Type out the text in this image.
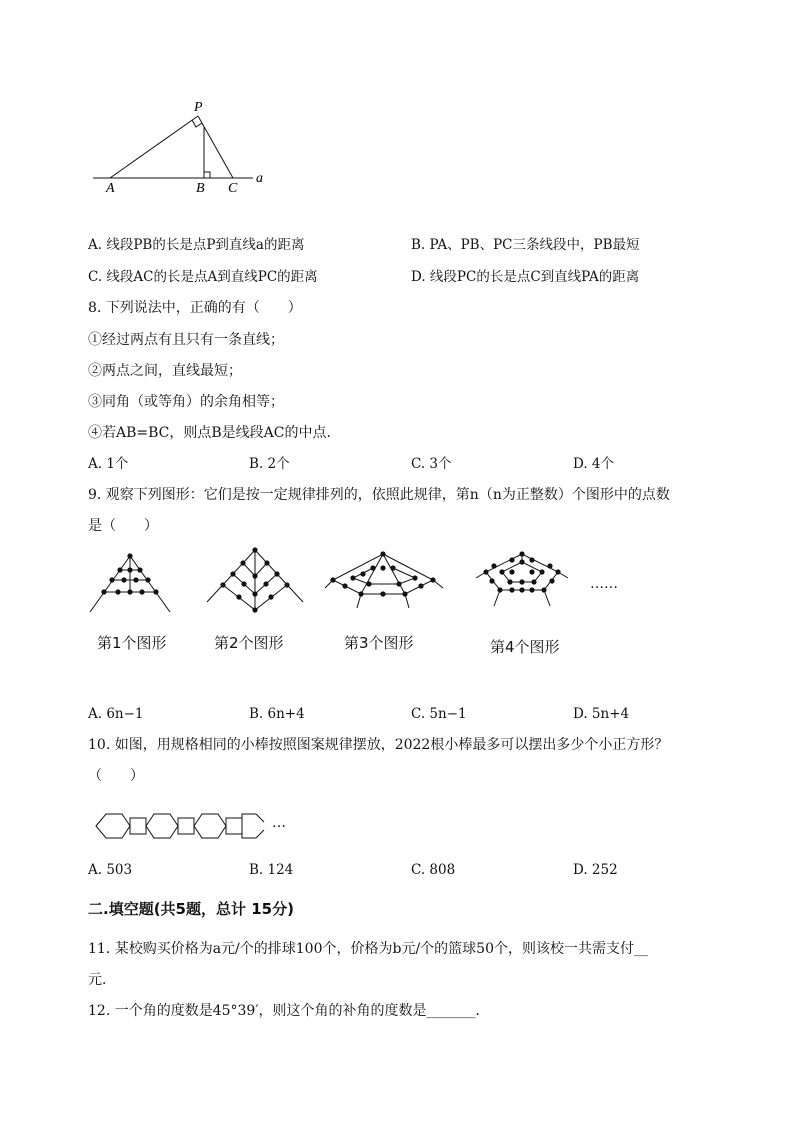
P
A	B C
a
A. 线段PB的长是点P到直线a的距离	B. PA、PB、PC三条线段中，PB最短
C. 线段AC的长是点A到直线PC的距离	D. 线段PC的长是点C到直线PA的距离
8. 下列说法中，正确的有（　　）
①经过两点有且只有一条直线；
②两点之间，直线最短；
③同角（或等角）的余角相等；
④若AB=BC，则点B是线段AC的中点．
A. 1个	B. 2个	C. 3个	D. 4个
9. 观察下列图形：它们是按一定规律排列的，依照此规律，第n（n为正整数）个图形中的点数
是（　　）
第1个图形	第2个图形	第3个图形	第4个图形
……
A. 6n−1	B. 6n+4	C. 5n−1	D. 5n+4
10. 如图，用规格相同的小棒按照图案规律摆放，2022根小棒最多可以摆出多少个小正方形？
（　　）
…
A. 503	B. 124	C. 808	D. 252
二.填空题(共5题，总计 15分)
11. 某校购买价格为a元/个的排球100个，价格为b元/个的篮球50个，则该校一共需支付__
元．
12. 一个角的度数是45°39′，则这个角的补角的度数是_______．
